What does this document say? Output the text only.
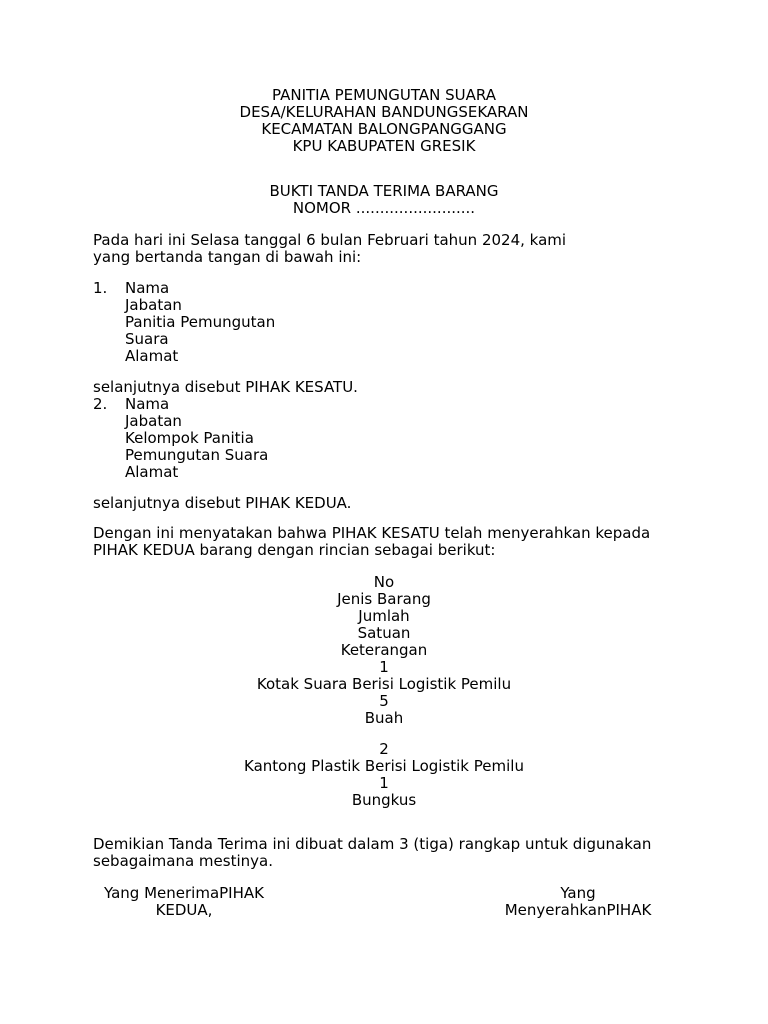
PANITIA PEMUNGUTAN SUARA
DESA/KELURAHAN BANDUNGSEKARAN
KECAMATAN BALONGPANGGANG
KPU KABUPATEN GRESIK
BUKTI TANDA TERIMA BARANG
NOMOR .........................
Pada hari ini Selasa tanggal 6 bulan Februari tahun 2024, kami
yang bertanda tangan di bawah ini:
1. Nama
Jabatan
Panitia Pemungutan
Suara
Alamat
selanjutnya disebut PIHAK KESATU.
2. Nama
Jabatan
Kelompok Panitia
Pemungutan Suara
Alamat
selanjutnya disebut PIHAK KEDUA.
Dengan ini menyatakan bahwa PIHAK KESATU telah menyerahkan kepada
PIHAK KEDUA barang dengan rincian sebagai berikut:
No
Jenis Barang
Jumlah
Satuan
Keterangan
1
Kotak Suara Berisi Logistik Pemilu
5
Buah
2
Kantong Plastik Berisi Logistik Pemilu
1
Bungkus
Demikian Tanda Terima ini dibuat dalam 3 (tiga) rangkap untuk digunakan
sebagaimana mestinya.
Yang MenerimaPIHAK
KEDUA,
Yang
MenyerahkanPIHAK
